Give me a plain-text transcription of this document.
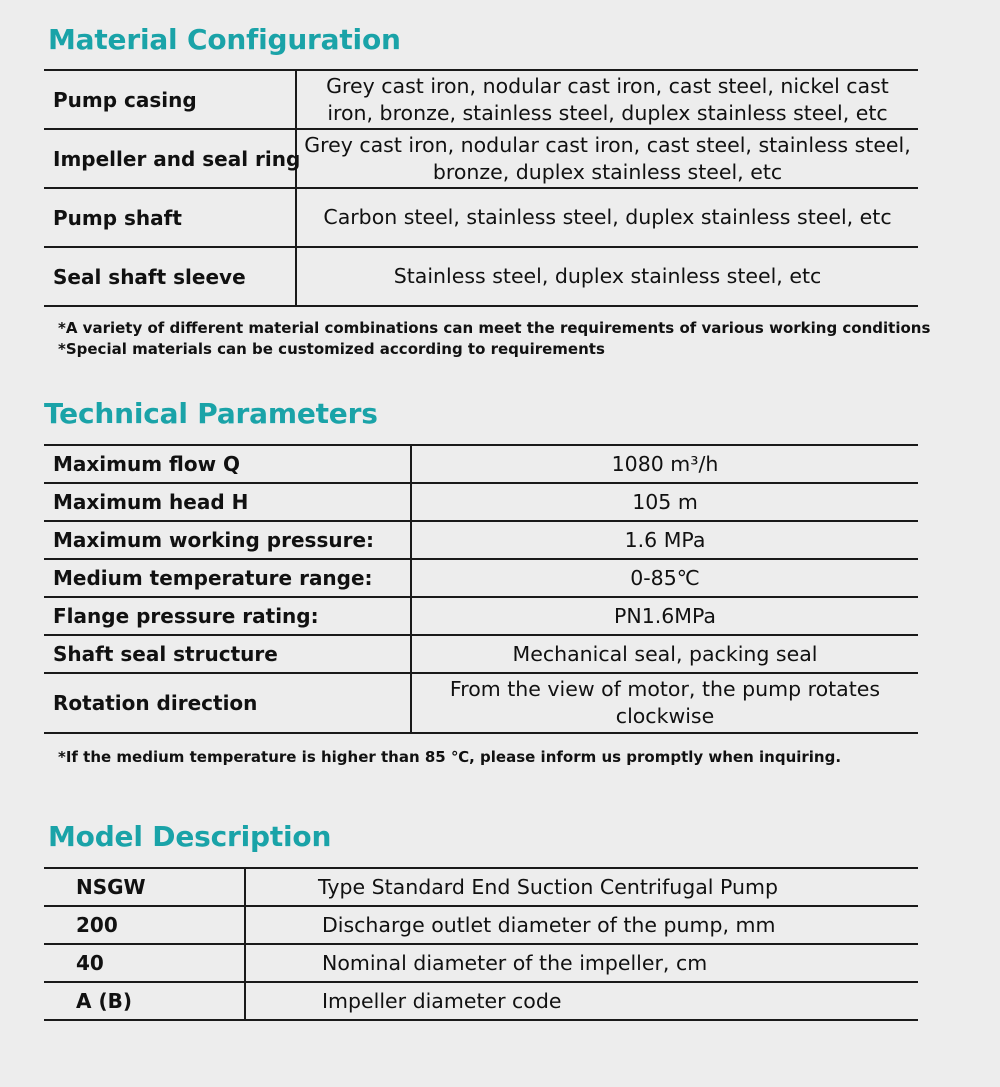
Material Configuration
Pump casing	Grey cast iron, nodular cast iron, cast steel, nickel cast iron, bronze, stainless steel, duplex stainless steel, etc
Impeller and seal ring	Grey cast iron, nodular cast iron, cast steel, stainless steel, bronze, duplex stainless steel, etc
Pump shaft	Carbon steel, stainless steel, duplex stainless steel, etc
Seal shaft sleeve	Stainless steel, duplex stainless steel, etc
*A variety of different material combinations can meet the requirements of various working conditions
*Special materials can be customized according to requirements
Technical Parameters
Maximum flow Q	1080 m³/h
Maximum head H	105 m
Maximum working pressure:	1.6 MPa
Medium temperature range:	0-85℃
Flange pressure rating:	PN1.6MPa
Shaft seal structure	Mechanical seal, packing seal
Rotation direction	From the view of motor, the pump rotates clockwise
*If the medium temperature is higher than 85 ℃, please inform us promptly when inquiring.
Model Description
NSGW	Type Standard End Suction Centrifugal Pump
200	Discharge outlet diameter of the pump, mm
40	Nominal diameter of the impeller, cm
A (B)	Impeller diameter code
